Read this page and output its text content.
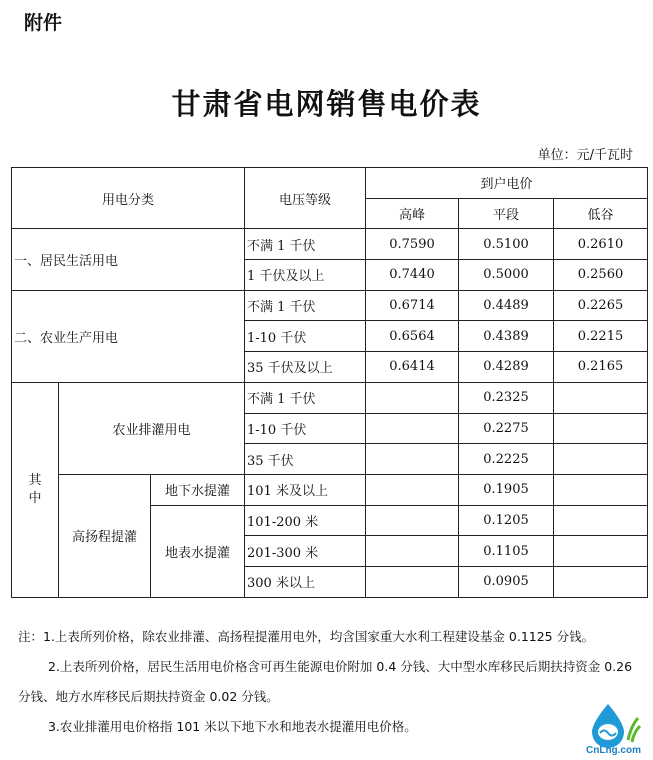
附件
甘肃省电网销售电价表
单位：元/千瓦时
用电分类			电压等级	到户电价		
				高峰	平段	低谷
一、居民生活用电			不满 1 千伏	0.7590	0.5100	0.2610
			1 千伏及以上	0.7440	0.5000	0.2560
二、农业生产用电			不满 1 千伏	0.6714	0.4489	0.2265
			1-10 千伏	0.6564	0.4389	0.2215
			35 千伏及以上	0.6414	0.4289	0.2165
其中	农业排灌用电		不满 1 千伏		0.2325	
			1-10 千伏		0.2275	
			35 千伏		0.2225	
	高扬程提灌	地下水提灌	101 米及以上		0.1905	
		地表水提灌	101-200 米		0.1205	
			201-300 米		0.1105	
			300 米以上		0.0905	

注：1.上表所列价格，除农业排灌、高扬程提灌用电外，均含国家重大水利工程建设基金 0.1125 分钱。

2.上表所列价格，居民生活用电价格含可再生能源电价附加 0.4 分钱、大中型水库移民后期扶持资金 0.26 分钱、地方水库移民后期扶持资金 0.02 分钱。

3.农业排灌用电价格指 101 米以下地下水和地表水提灌用电价格。

CnLng.com
